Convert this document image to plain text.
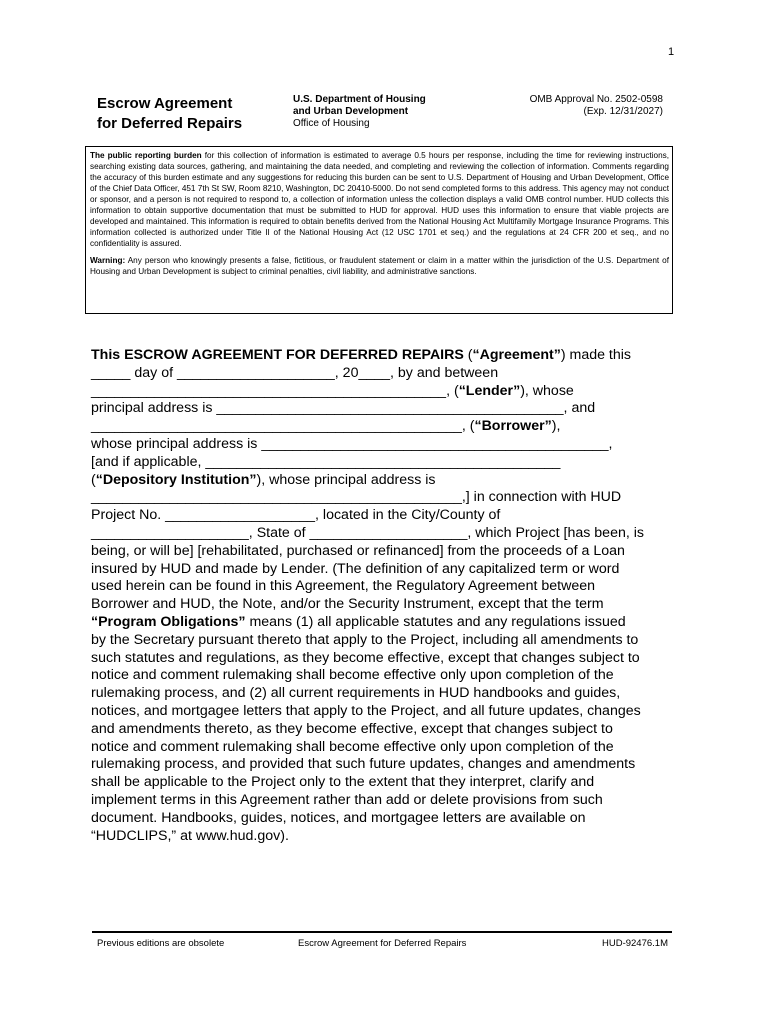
1
Escrow Agreement
for Deferred Repairs
U.S. Department of Housing
and Urban Development
Office of Housing
OMB Approval No. 2502-0598
(Exp. 12/31/2027)

The public reporting burden for this collection of information is estimated to average 0.5 hours per response, including the time for reviewing instructions, searching existing data sources, gathering, and maintaining the data needed, and completing and reviewing the collection of information. Comments regarding the accuracy of this burden estimate and any suggestions for reducing this burden can be sent to U.S. Department of Housing and Urban Development, Office of the Chief Data Officer, 451 7th St SW, Room 8210, Washington, DC 20410-5000. Do not send completed forms to this address. This agency may not conduct or sponsor, and a person is not required to respond to, a collection of information unless the collection displays a valid OMB control number. HUD collects this information to obtain supportive documentation that must be submitted to HUD for approval. HUD uses this information to ensure that viable projects are developed and maintained. This information is required to obtain benefits derived from the National Housing Act Multifamily Mortgage Insurance Programs. This information collected is authorized under Title II of the National Housing Act (12 USC 1701 et seq.) and the regulations at 24 CFR 200 et seq., and no confidentiality is assured.

Warning: Any person who knowingly presents a false, fictitious, or fraudulent statement or claim in a matter within the jurisdiction of the U.S. Department of Housing and Urban Development is subject to criminal penalties, civil liability, and administrative sanctions.

This ESCROW AGREEMENT FOR DEFERRED REPAIRS (“Agreement”) made this
_____ day of ____________________, 20____, by and between
_____________________________________________, (“Lender”), whose
principal address is ____________________________________________, and
_______________________________________________, (“Borrower”),
whose principal address is ____________________________________________,
[and if applicable, _____________________________________________
(“Depository Institution”), whose principal address is
_______________________________________________,] in connection with HUD
Project No. ___________________, located in the City/County of
____________________, State of ____________________, which Project [has been, is
being, or will be] [rehabilitated, purchased or refinanced] from the proceeds of a Loan
insured by HUD and made by Lender. (The definition of any capitalized term or word
used herein can be found in this Agreement, the Regulatory Agreement between
Borrower and HUD, the Note, and/or the Security Instrument, except that the term
“Program Obligations” means (1) all applicable statutes and any regulations issued
by the Secretary pursuant thereto that apply to the Project, including all amendments to
such statutes and regulations, as they become effective, except that changes subject to
notice and comment rulemaking shall become effective only upon completion of the
rulemaking process, and (2) all current requirements in HUD handbooks and guides,
notices, and mortgagee letters that apply to the Project, and all future updates, changes
and amendments thereto, as they become effective, except that changes subject to
notice and comment rulemaking shall become effective only upon completion of the
rulemaking process, and provided that such future updates, changes and amendments
shall be applicable to the Project only to the extent that they interpret, clarify and
implement terms in this Agreement rather than add or delete provisions from such
document. Handbooks, guides, notices, and mortgagee letters are available on
“HUDCLIPS,” at www.hud.gov).
Previous editions are obsolete	Escrow Agreement for Deferred Repairs	HUD-92476.1M
